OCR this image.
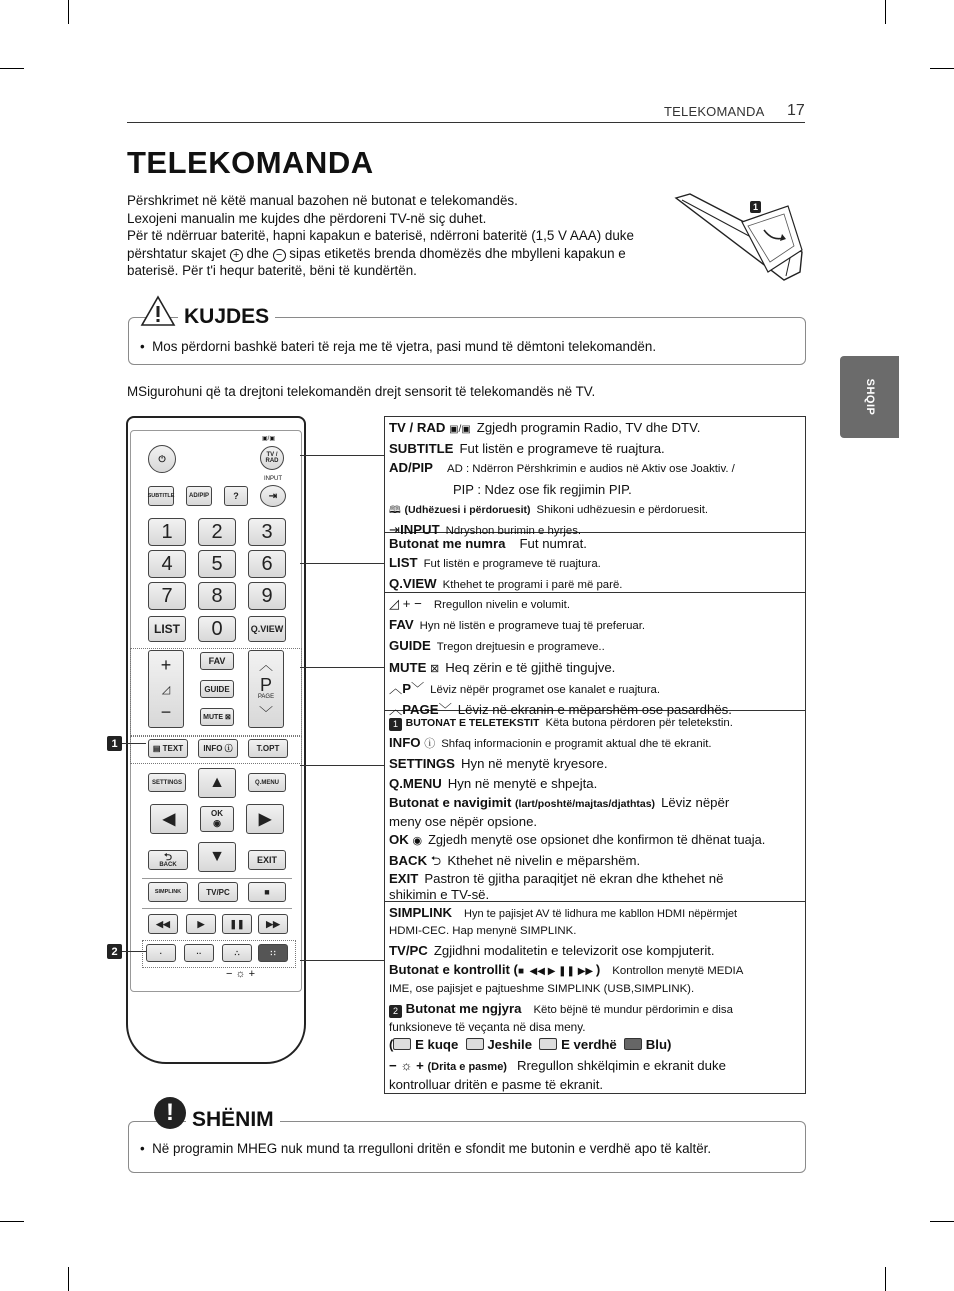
TELEKOMANDA 17
SHQIP
TELEKOMANDA

Përshkrimet në këtë manual bazohen në butonat e telekomandës.

Lexojeni manualin me kujdes dhe përdoreni TV-në siç duhet.

Për të ndërruar bateritë, hapni kapakun e baterisë, ndërroni bateritë (1,5 V AAA) duke

përshtatur skajet + dhe − sipas etiketës brenda dhomëzës dhe mbylleni kapakun e

baterisë. Për t'i hequr bateritë, bëni të kundërtën.

1
KUJDES
•  Mos përdorni bashkë bateri të reja me të vjetra, pasi mund të dëmtoni telekomandën.
MSigurohuni që ta drejtoni telekomandën drejt sensorit të telekomandës në TV.
⏻
▣/▣
TV / RAD
INPUT
⇥
SUBTITLE	AD/PIP	?
1	2	3
4	5	6
7	8	9
LIST	0	Q.VIEW
+
◿
−
FAV
GUIDE
MUTE ⊠
︿
P
PAGE
﹀
▤ TEXT	INFO ⓘ	T.OPT
SETTINGS	Q.MENU
▲
◀	▶
OK
◉
▼
⮌
BACK	EXIT
SIMPLINK	TV/PC	■
◀◀	▶	❚❚	▶▶
·	··	∴	∷
− ☼ +
1
2
TV / RAD ▣/▣ Zgjedh programin Radio, TV dhe DTV.
SUBTITLE Fut listën e programeve të ruajtura.
AD/PIP AD : Ndërron Përshkrimin e audios në Aktiv ose Joaktiv. /
PIP : Ndez ose fik regjimin PIP.
🕮 (Udhëzuesi i përdoruesit) Shikoni udhëzuesin e përdoruesit.
⇥INPUT Ndryshon burimin e hyrjes.
Butonat me numra Fut numrat.
LIST Fut listën e programeve të ruajtura.
Q.VIEW Kthehet te programi i parë më parë.
◿ + − Rregullon nivelin e volumit.
FAV Hyn në listën e programeve tuaj të preferuar.
GUIDE Tregon drejtuesin e programeve..
MUTE ⊠ Heq zërin e të gjithë tingujve.
︿P﹀ Lëviz nëpër programet ose kanalet e ruajtura.
︿PAGE﹀ Lëviz në ekranin e mëparshëm ose pasardhës.
1 BUTONAT E TELETEKSTIT Këta butona përdoren për teletekstin.
INFO ⓘ Shfaq informacionin e programit aktual dhe të ekranit.
SETTINGS Hyn në menytë kryesore.
Q.MENU Hyn në menytë e shpejta.
Butonat e navigimit (lart/poshtë/majtas/djathtas) Lëviz nëpër
meny ose nëpër opsione.
OK ◉ Zgjedh menytë ose opsionet dhe konfirmon të dhënat tuaja.
BACK ⮌ Kthehet në nivelin e mëparshëm.
EXIT Pastron të gjitha paraqitjet në ekran dhe kthehet në
shikimin e TV-së.
SIMPLINK Hyn te pajisjet AV të lidhura me kabllon HDMI nëpërmjet
HDMI-CEC. Hap menynë SIMPLINK.
TV/PC Zgjidhni modalitetin e televizorit ose kompjuterit.
Butonat e kontrollit (■  ◀◀ ▶ ❚❚ ▶▶ ) Kontrollon menytë MEDIA
IME, ose pajisjet e pajtueshme SIMPLINK (USB,SIMPLINK).
2 Butonat me ngjyra Këto bëjnë të mundur përdorimin e disa
funksioneve të veçanta në disa meny.
( E kuqe Jeshile E verdhë Blu)
− ☼ + (Drita e pasme) Rregullon shkëlqimin e ekranit duke
kontrolluar dritën e pasme të ekranit.
! SHËNIM
•  Në programin MHEG nuk mund ta rregulloni dritën e sfondit me butonin e verdhë apo të kaltër.
